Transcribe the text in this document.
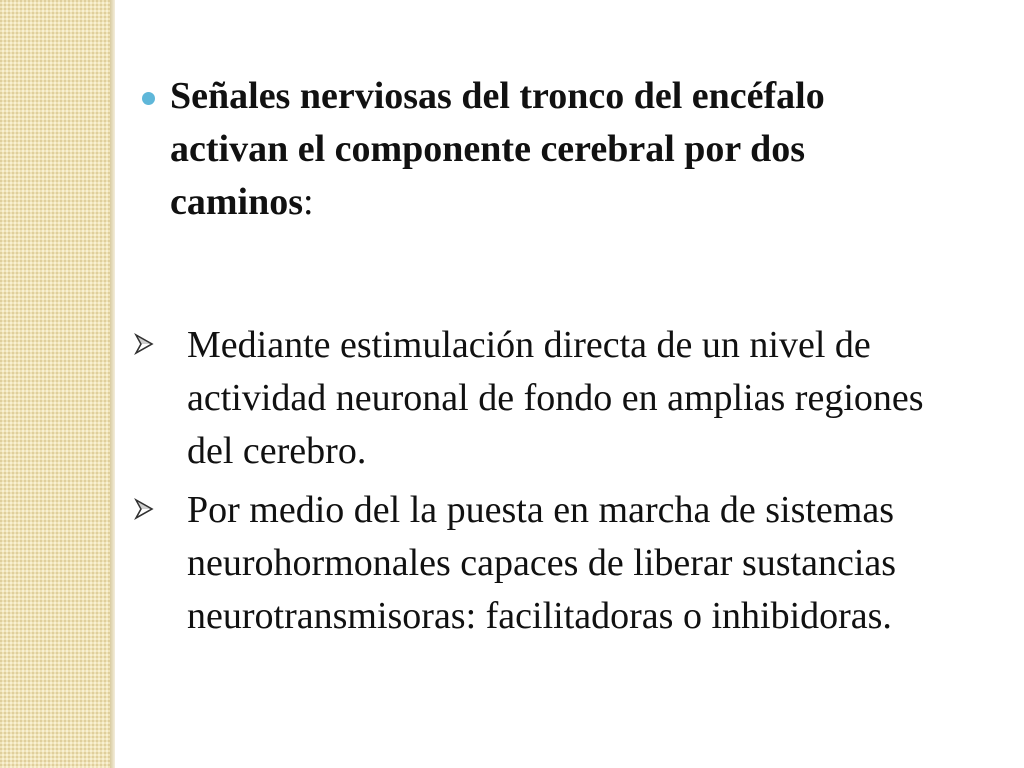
Señales nerviosas del tronco del encéfalo activan el componente cerebral por dos caminos:
Mediante estimulación directa de un nivel de actividad neuronal de fondo en amplias regiones del cerebro.
Por medio del la puesta en marcha de sistemas neurohormonales capaces de liberar sustancias neurotransmisoras: facilitadoras o inhibidoras.
